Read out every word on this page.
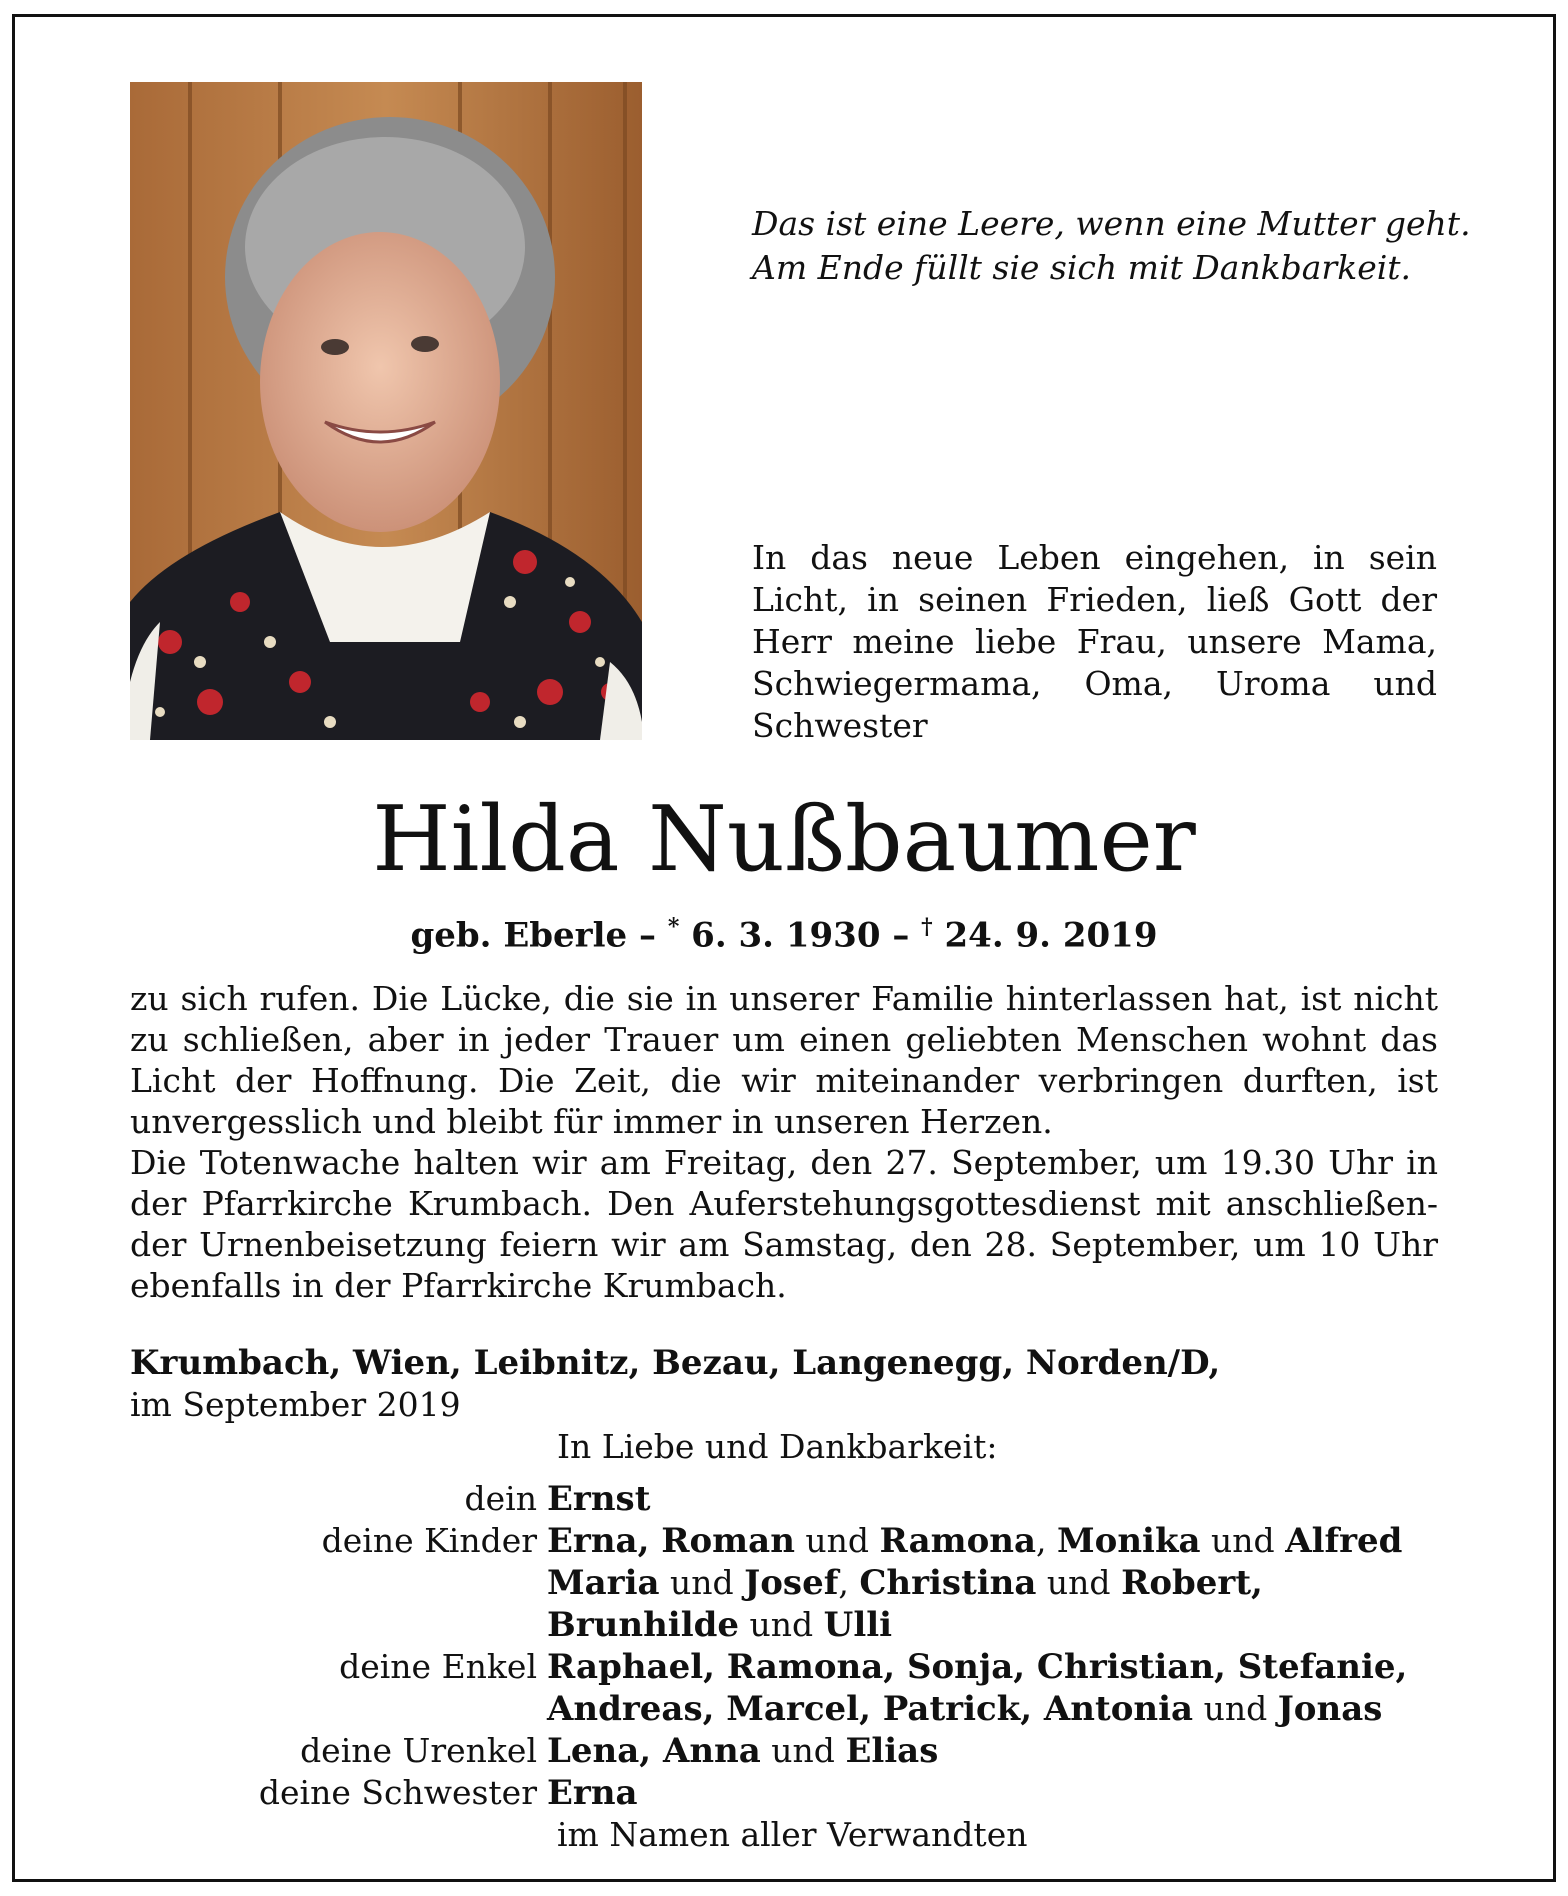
Das ist eine Leere, wenn eine Mutter geht.
Am Ende füllt sie sich mit Dankbarkeit.

In das neue Leben eingehen, in sein Licht, in seinen Frieden, ließ Gott der Herr meine liebe Frau, unsere Mama, Schwiegermama, Oma, Uroma und Schwester

Hilda Nußbaumer
geb. Eberle – * 6. 3. 1930 – † 24. 9. 2019

zu sich rufen. Die Lücke, die sie in unserer Familie hinterlassen hat, ist nicht zu schließen, aber in jeder Trauer um einen geliebten Menschen wohnt das Licht der Hoffnung. Die Zeit, die wir miteinander verbringen durften, ist unvergesslich und bleibt für immer in unseren Herzen.

Die Totenwache halten wir am Freitag, den 27. September, um 19.30 Uhr in der Pfarrkirche Krumbach. Den Auferstehungsgottesdienst mit anschließender Urnenbeisetzung feiern wir am Samstag, den 28. September, um 10 Uhr ebenfalls in der Pfarrkirche Krumbach.

Krumbach, Wien, Leibnitz, Bezau, Langenegg, Norden/D,

im September 2019

In Liebe und Dankbarkeit:

dein Ernst
deine Kinder Erna, Roman und Ramona, Monika und Alfred
Maria und Josef, Christina und Robert,
Brunhilde und Ulli
deine Enkel Raphael, Ramona, Sonja, Christian, Stefanie,
Andreas, Marcel, Patrick, Antonia und Jonas
deine Urenkel Lena, Anna und Elias
deine Schwester Erna

im Namen aller Verwandten
